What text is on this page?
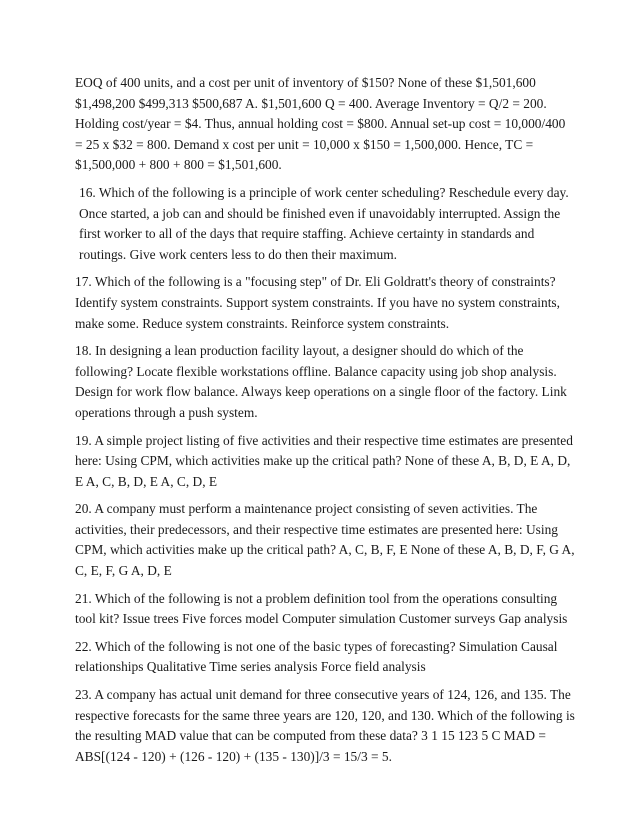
EOQ of 400 units, and a cost per unit of inventory of $150? None of these $1,501,600 $1,498,200 $499,313 $500,687 A. $1,501,600 Q = 400. Average Inventory = Q/2 = 200. Holding cost/year = $4. Thus, annual holding cost = $800. Annual set-up cost = 10,000/400 = 25 x $32 = 800. Demand x cost per unit = 10,000 x $150 = 1,500,000. Hence, TC = $1,500,000 + 800 + 800 = $1,501,600.

16. Which of the following is a principle of work center scheduling? Reschedule every day. Once started, a job can and should be finished even if unavoidably interrupted. Assign the first worker to all of the days that require staffing. Achieve certainty in standards and routings. Give work centers less to do then their maximum.

17. Which of the following is a "focusing step" of Dr. Eli Goldratt's theory of constraints? Identify system constraints. Support system constraints. If you have no system constraints, make some. Reduce system constraints. Reinforce system constraints.

18. In designing a lean production facility layout, a designer should do which of the following? Locate flexible workstations offline. Balance capacity using job shop analysis. Design for work flow balance. Always keep operations on a single floor of the factory. Link operations through a push system.

19. A simple project listing of five activities and their respective time estimates are presented here: Using CPM, which activities make up the critical path? None of these A, B, D, E A, D, E A, C, B, D, E A, C, D, E

20. A company must perform a maintenance project consisting of seven activities. The activities, their predecessors, and their respective time estimates are presented here: Using CPM, which activities make up the critical path? A, C, B, F, E None of these A, B, D, F, G A, C, E, F, G A, D, E

21. Which of the following is not a problem definition tool from the operations consulting tool kit? Issue trees Five forces model Computer simulation Customer surveys Gap analysis

22. Which of the following is not one of the basic types of forecasting? Simulation Causal relationships Qualitative Time series analysis Force field analysis

23. A company has actual unit demand for three consecutive years of 124, 126, and 135. The respective forecasts for the same three years are 120, 120, and 130. Which of the following is the resulting MAD value that can be computed from these data? 3 1 15 123 5 C MAD = ABS[(124 - 120) + (126 - 120) + (135 - 130)]/3 = 15/3 = 5.
